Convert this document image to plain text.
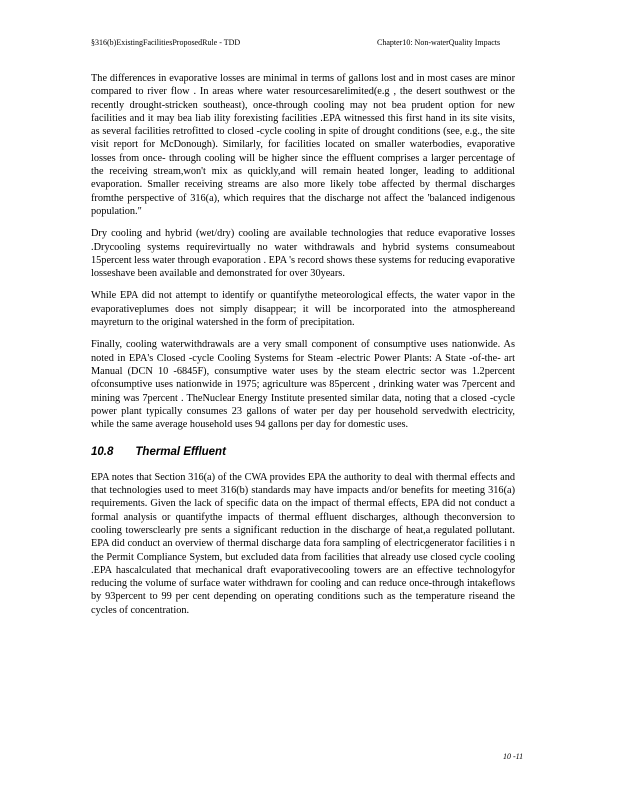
§316(b)ExistingFacilitiesProposedRule - TDD	Chapter10: Non-waterQuality Impacts

The differences in evaporative losses are minimal in terms of gallons lost and in most cases are minor compared to river flow . In areas where water resourcesarelimited(e.g , the desert southwest or the recently drought-stricken southeast), once-through cooling may not bea prudent option for new facilities and it may bea liab ility forexisting facilities .EPA witnessed this first hand in its site visits, as several facilities retrofitted to closed -cycle cooling in spite of drought conditions (see, e.g., the site visit report for McDonough). Similarly, for facilities located on smaller waterbodies, evaporative losses from once- through cooling will be higher since the effluent comprises a larger percentage of the receiving stream,won't mix as quickly,and will remain heated longer, leading to additional evaporation. Smaller receiving streams are also more likely tobe affected by thermal discharges fromthe perspective of 316(a), which requires that the discharge not affect the 'balanced indigenous population."

Dry cooling and hybrid (wet/dry) cooling are available technologies that reduce evaporative losses .Drycooling systems requirevirtually no water withdrawals and hybrid systems consumeabout 15percent less water through evaporation . EPA 's record shows these systems for reducing evaporative losseshave been available and demonstrated for over 30years.

While EPA did not attempt to identify or quantifythe meteorological effects, the water vapor in the evaporativeplumes does not simply disappear; it will be incorporated into the atmosphereand mayreturn to the original watershed in the form of precipitation.

Finally, cooling waterwithdrawals are a very small component of consumptive uses nationwide. As noted in EPA's Closed -cycle Cooling Systems for Steam -electric Power Plants: A State -of-the- art Manual (DCN 10 -6845F), consumptive water uses by the steam electric sector was 1.2percent ofconsumptive uses nationwide in 1975; agriculture was 85percent , drinking water was 7percent and mining was 7percent . TheNuclear Energy Institute presented similar data, noting that a closed -cycle power plant typically consumes 23 gallons of water per day per household servedwith electricity, while the same average household uses 94 gallons per day for domestic uses.

10.8 Thermal Effluent

EPA notes that Section 316(a) of the CWA provides EPA the authority to deal with thermal effects and that technologies used to meet 316(b) standards may have impacts and/or benefits for meeting 316(a) requirements. Given the lack of specific data on the impact of thermal effects, EPA did not conduct a formal analysis or quantifythe impacts of thermal effluent discharges, although theconversion to cooling towersclearly pre sents a significant reduction in the discharge of heat,a regulated pollutant. EPA did conduct an overview of thermal discharge data fora sampling of electricgenerator facilities i n the Permit Compliance System, but excluded data from facilities that already use closed cycle cooling .EPA hascalculated that mechanical draft evaporativecooling towers are an effective technologyfor reducing the volume of surface water withdrawn for cooling and can reduce once-through intakeflows by 93percent to 99 per cent depending on operating conditions such as the temperature riseand the cycles of concentration.

10 -11
